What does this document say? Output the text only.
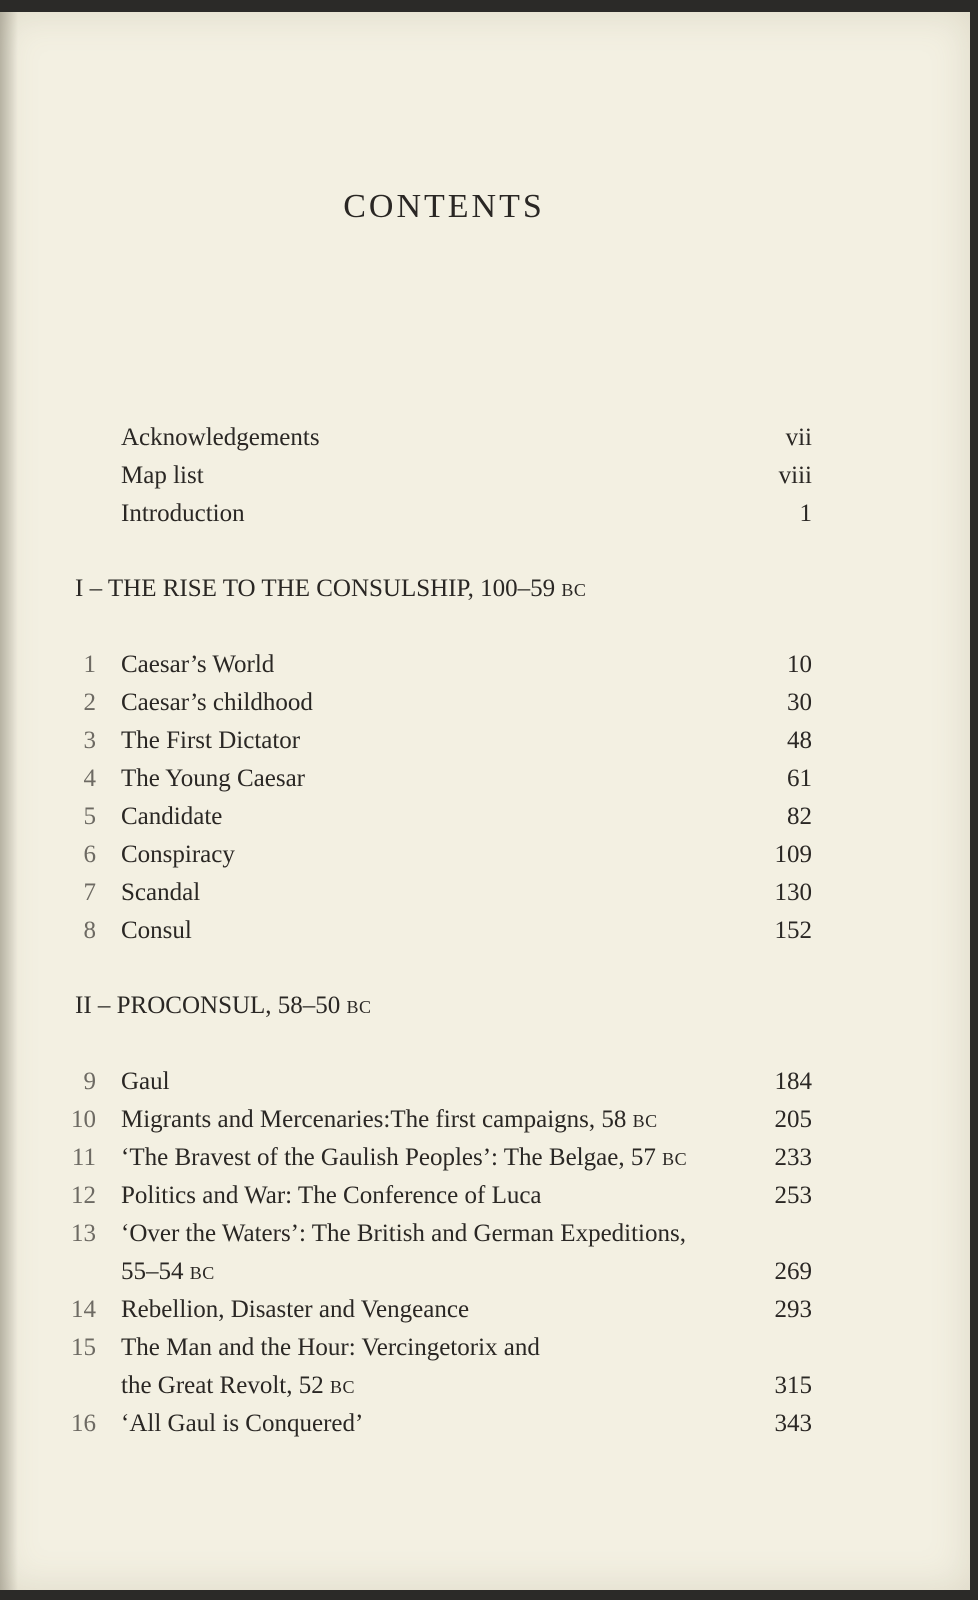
CONTENTS
Acknowledgements	vii
Map list	viii
Introduction	1
I – THE RISE TO THE CONSULSHIP, 100–59 BC
1 Caesar’s World	10
2 Caesar’s childhood	30
3 The First Dictator	48
4 The Young Caesar	61
5 Candidate	82
6 Conspiracy	109
7 Scandal	130
8 Consul	152
II – PROCONSUL, 58–50 BC
9 Gaul	184
10 Migrants and Mercenaries:The first campaigns, 58 BC	205
11 ‘The Bravest of the Gaulish Peoples’: The Belgae, 57 BC	233
12 Politics and War: The Conference of Luca	253
13 ‘Over the Waters’: The British and German Expeditions,
55–54 BC	269
14 Rebellion, Disaster and Vengeance	293
15 The Man and the Hour: Vercingetorix and
the Great Revolt, 52 BC	315
16 ‘All Gaul is Conquered’	343
